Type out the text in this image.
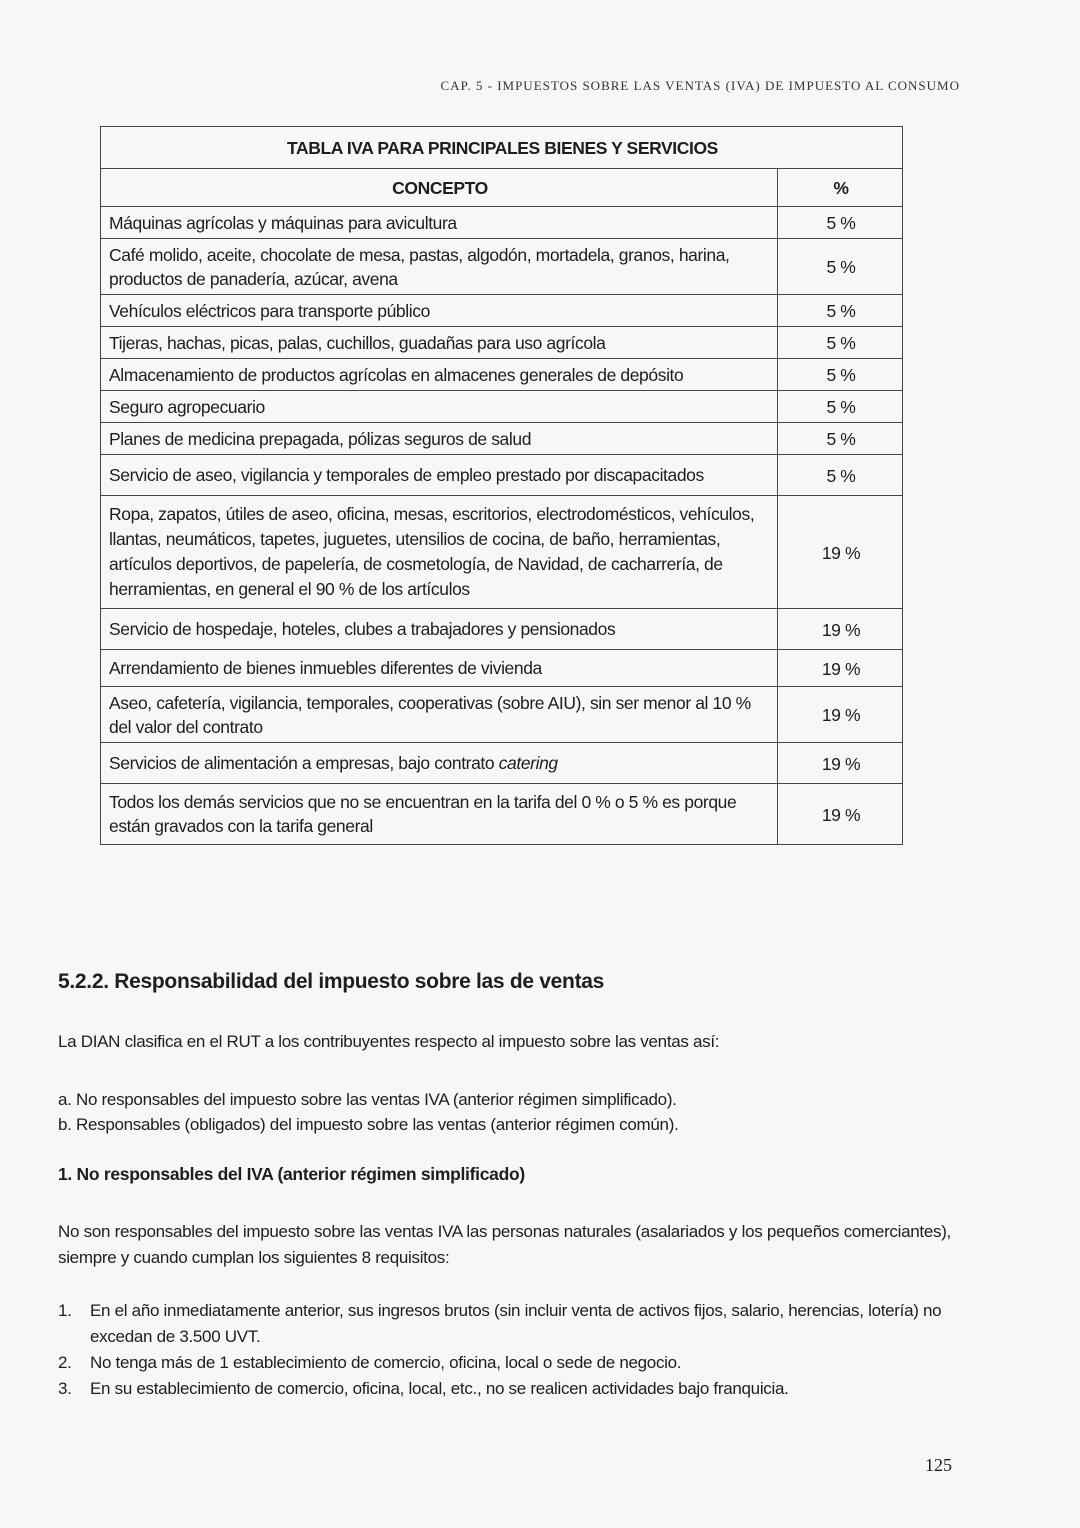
CAP. 5 - IMPUESTOS SOBRE LAS VENTAS (IVA) DE IMPUESTO AL CONSUMO
TABLA IVA PARA PRINCIPALES BIENES Y SERVICIOS	
CONCEPTO	%
Máquinas agrícolas y máquinas para avicultura	5 %
Café molido, aceite, chocolate de mesa, pastas, algodón, mortadela, granos, harina, productos de panadería, azúcar, avena	5 %
Vehículos eléctricos para transporte público	5 %
Tijeras, hachas, picas, palas, cuchillos, guadañas para uso agrícola	5 %
Almacenamiento de productos agrícolas en almacenes generales de depósito	5 %
Seguro agropecuario	5 %
Planes de medicina prepagada, pólizas seguros de salud	5 %
Servicio de aseo, vigilancia y temporales de empleo prestado por discapacitados	5 %
Ropa, zapatos, útiles de aseo, oficina, mesas, escritorios, electrodomésticos, vehículos, llantas, neumáticos, tapetes, juguetes, utensilios de cocina, de baño, herramientas, artículos deportivos, de papelería, de cosmetología, de Navidad, de cacharrería, de herramientas, en general el 90 % de los artículos	19 %
Servicio de hospedaje, hoteles, clubes a trabajadores y pensionados	19 %
Arrendamiento de bienes inmuebles diferentes de vivienda	19 %
Aseo, cafetería, vigilancia, temporales, cooperativas (sobre AIU), sin ser menor al 10 % del valor del contrato	19 %
Servicios de alimentación a empresas, bajo contrato catering	19 %
Todos los demás servicios que no se encuentran en la tarifa del 0 % o 5 % es porque están gravados con la tarifa general	19 %
5.2.2. Responsabilidad del impuesto sobre las de ventas
La DIAN clasifica en el RUT a los contribuyentes respecto al impuesto sobre las ventas así:
a. No responsables del impuesto sobre las ventas IVA (anterior régimen simplificado).
b. Responsables (obligados) del impuesto sobre las ventas (anterior régimen común).
1. No responsables del IVA (anterior régimen simplificado)
No son responsables del impuesto sobre las ventas IVA las personas naturales (asalariados y los pequeños comerciantes), siempre y cuando cumplan los siguientes 8 requisitos:
1.	En el año inmediatamente anterior, sus ingresos brutos (sin incluir venta de activos fijos, salario, herencias, lotería) no excedan de 3.500 UVT.
2.	No tenga más de 1 establecimiento de comercio, oficina, local o sede de negocio.
3.	En su establecimiento de comercio, oficina, local, etc., no se realicen actividades bajo franquicia.
125
